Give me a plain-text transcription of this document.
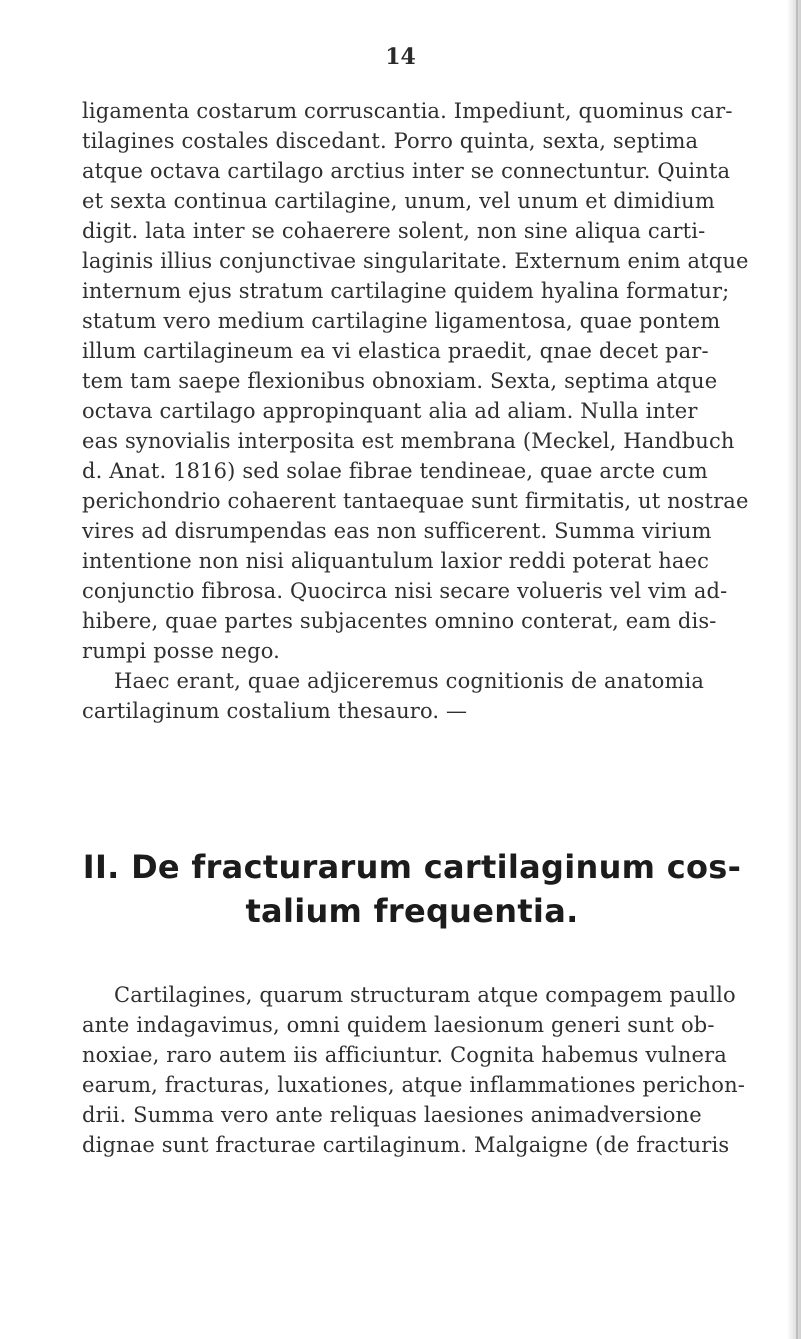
14
ligamenta costarum corruscantia. Impediunt, quominus car-
tilagines costales discedant. Porro quinta, sexta, septima
atque octava cartilago arctius inter se connectuntur. Quinta
et sexta continua cartilagine, unum, vel unum et dimidium
digit. lata inter se cohaerere solent, non sine aliqua carti-
laginis illius conjunctivae singularitate. Externum enim atque
internum ejus stratum cartilagine quidem hyalina formatur;
statum vero medium cartilagine ligamentosa, quae pontem
illum cartilagineum ea vi elastica praedit, qnae decet par-
tem tam saepe flexionibus obnoxiam. Sexta, septima atque
octava cartilago appropinquant alia ad aliam. Nulla inter
eas synovialis interposita est membrana (Meckel, Handbuch
d. Anat. 1816) sed solae fibrae tendineae, quae arcte cum
perichondrio cohaerent tantaequae sunt firmitatis, ut nostrae
vires ad disrumpendas eas non sufficerent. Summa virium
intentione non nisi aliquantulum laxior reddi poterat haec
conjunctio fibrosa. Quocirca nisi secare volueris vel vim ad-
hibere, quae partes subjacentes omnino conterat, eam dis-
rumpi posse nego.
Haec erant, quae adjiceremus cognitionis de anatomia
cartilaginum costalium thesauro. —
II. De fracturarum cartilaginum cos-
talium frequentia.
Cartilagines, quarum structuram atque compagem paullo
ante indagavimus, omni quidem laesionum generi sunt ob-
noxiae, raro autem iis afficiuntur. Cognita habemus vulnera
earum, fracturas, luxationes, atque inflammationes perichon-
drii. Summa vero ante reliquas laesiones animadversione
dignae sunt fracturae cartilaginum. Malgaigne (de fracturis
